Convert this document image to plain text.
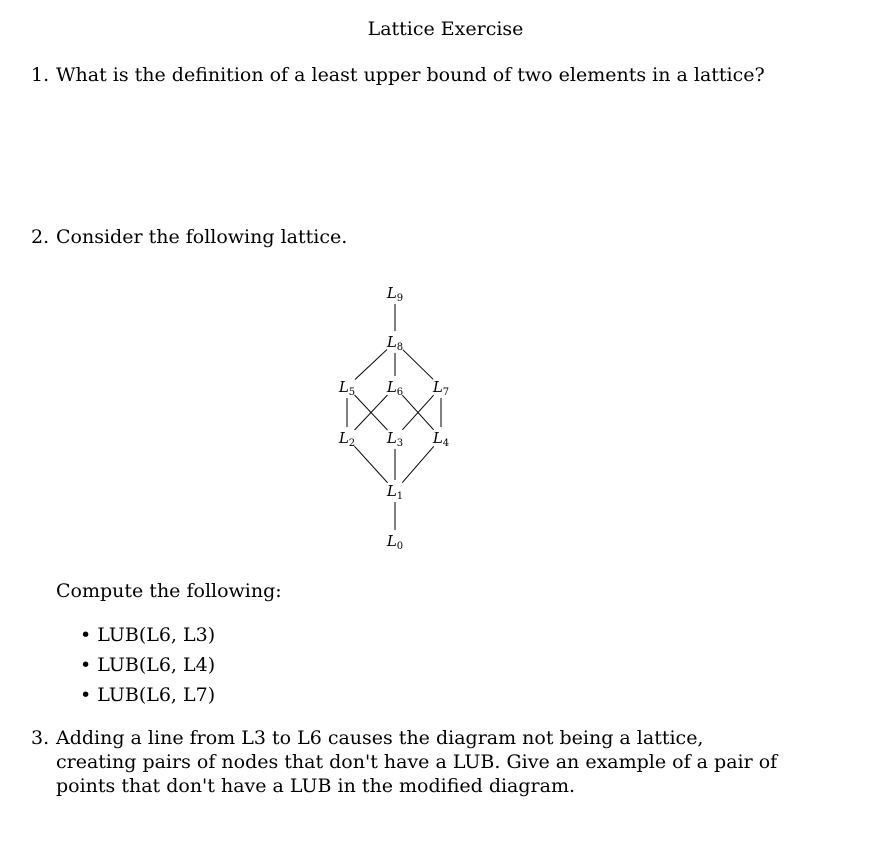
Lattice Exercise
1. What is the definition of a least upper bound of two elements in a lattice?
2. Consider the following lattice.
$L_9$
$L_8$
$L_5$ $L_6$ $L_7$
$L_2$ $L_3$ $L_4$
$L_1$
$L_0$
Compute the following:
• LUB(L6, L3)
• LUB(L6, L4)
• LUB(L6, L7)
3. Adding a line from L3 to L6 causes the diagram not being a lattice, creating pairs of nodes that don't have a LUB. Give an example of a pair of points that don't have a LUB in the modified diagram.
